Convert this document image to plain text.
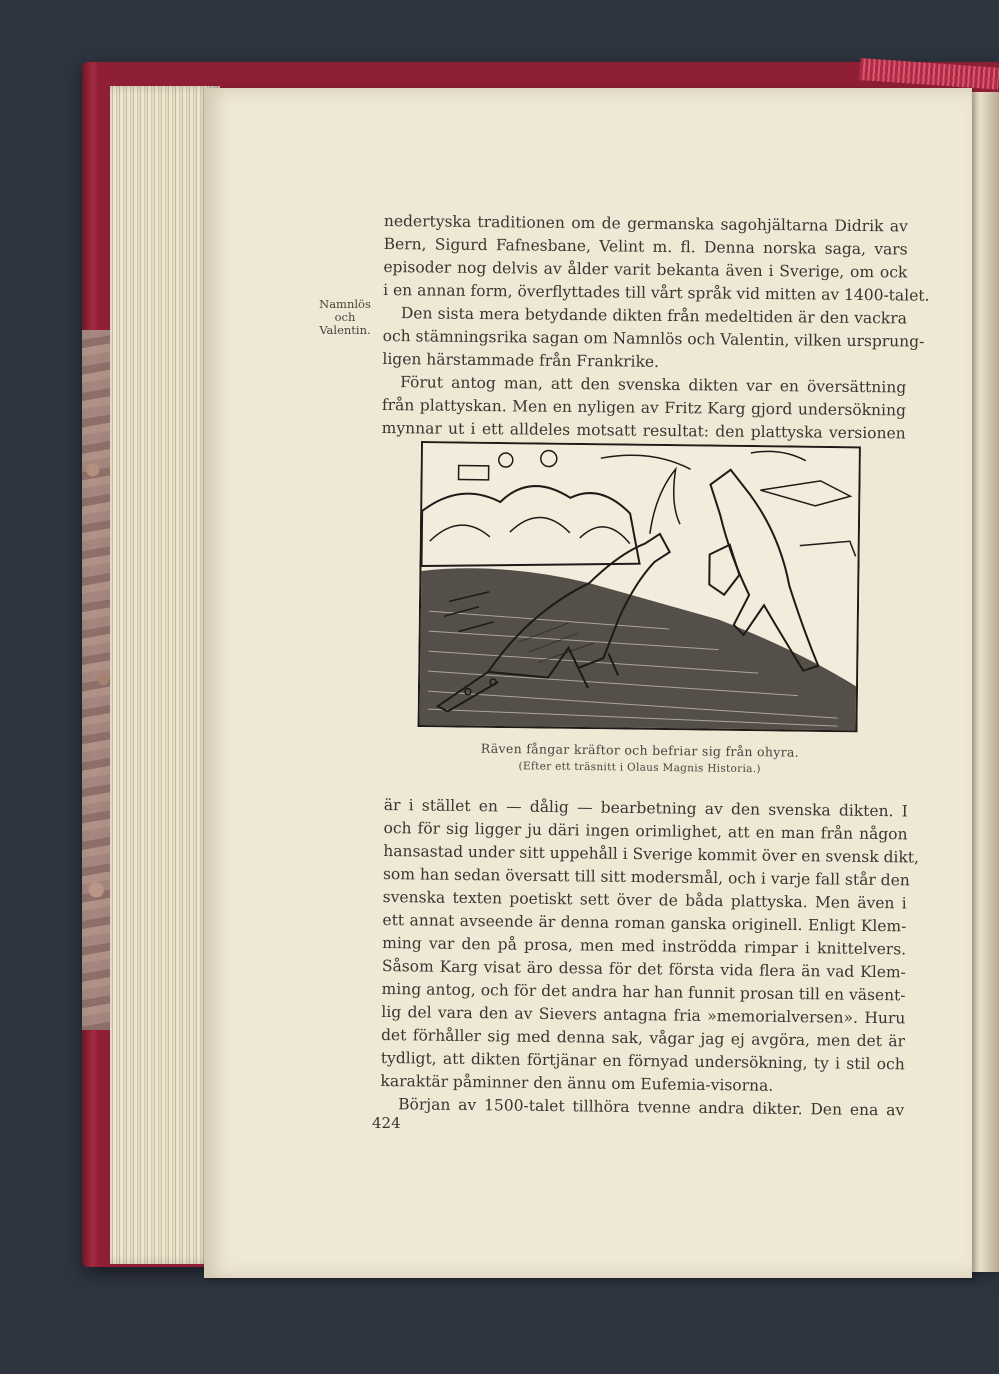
Namnlös
och
Valentin.
nedertyska traditionen om de germanska sagohjältarna Didrik av
Bern, Sigurd Fafnesbane, Velint m. fl. Denna norska saga, vars
episoder nog delvis av ålder varit bekanta även i Sverige, om ock
i en annan form, överflyttades till vårt språk vid mitten av 1400-talet.
Den sista mera betydande dikten från medeltiden är den vackra
och stämningsrika sagan om Namnlös och Valentin, vilken ursprung-
ligen härstammade från Frankrike.
Förut antog man, att den svenska dikten var en översättning
från plattyskan. Men en nyligen av Fritz Karg gjord undersökning
mynnar ut i ett alldeles motsatt resultat: den plattyska versionen
Räven fångar kräftor och befriar sig från ohyra.
(Efter ett träsnitt i Olaus Magnis Historia.)
är i stället en — dålig — bearbetning av den svenska dikten. I
och för sig ligger ju däri ingen orimlighet, att en man från någon
hansastad under sitt uppehåll i Sverige kommit över en svensk dikt,
som han sedan översatt till sitt modersmål, och i varje fall står den
svenska texten poetiskt sett över de båda plattyska. Men även i
ett annat avseende är denna roman ganska originell. Enligt Klem-
ming var den på prosa, men med inströdda rimpar i knittelvers.
Såsom Karg visat äro dessa för det första vida flera än vad Klem-
ming antog, och för det andra har han funnit prosan till en väsent-
lig del vara den av Sievers antagna fria »memorialversen». Huru
det förhåller sig med denna sak, vågar jag ej avgöra, men det är
tydligt, att dikten förtjänar en förnyad undersökning, ty i stil och
karaktär påminner den ännu om Eufemia-visorna.
Början av 1500-talet tillhöra tvenne andra dikter. Den ena av
424
